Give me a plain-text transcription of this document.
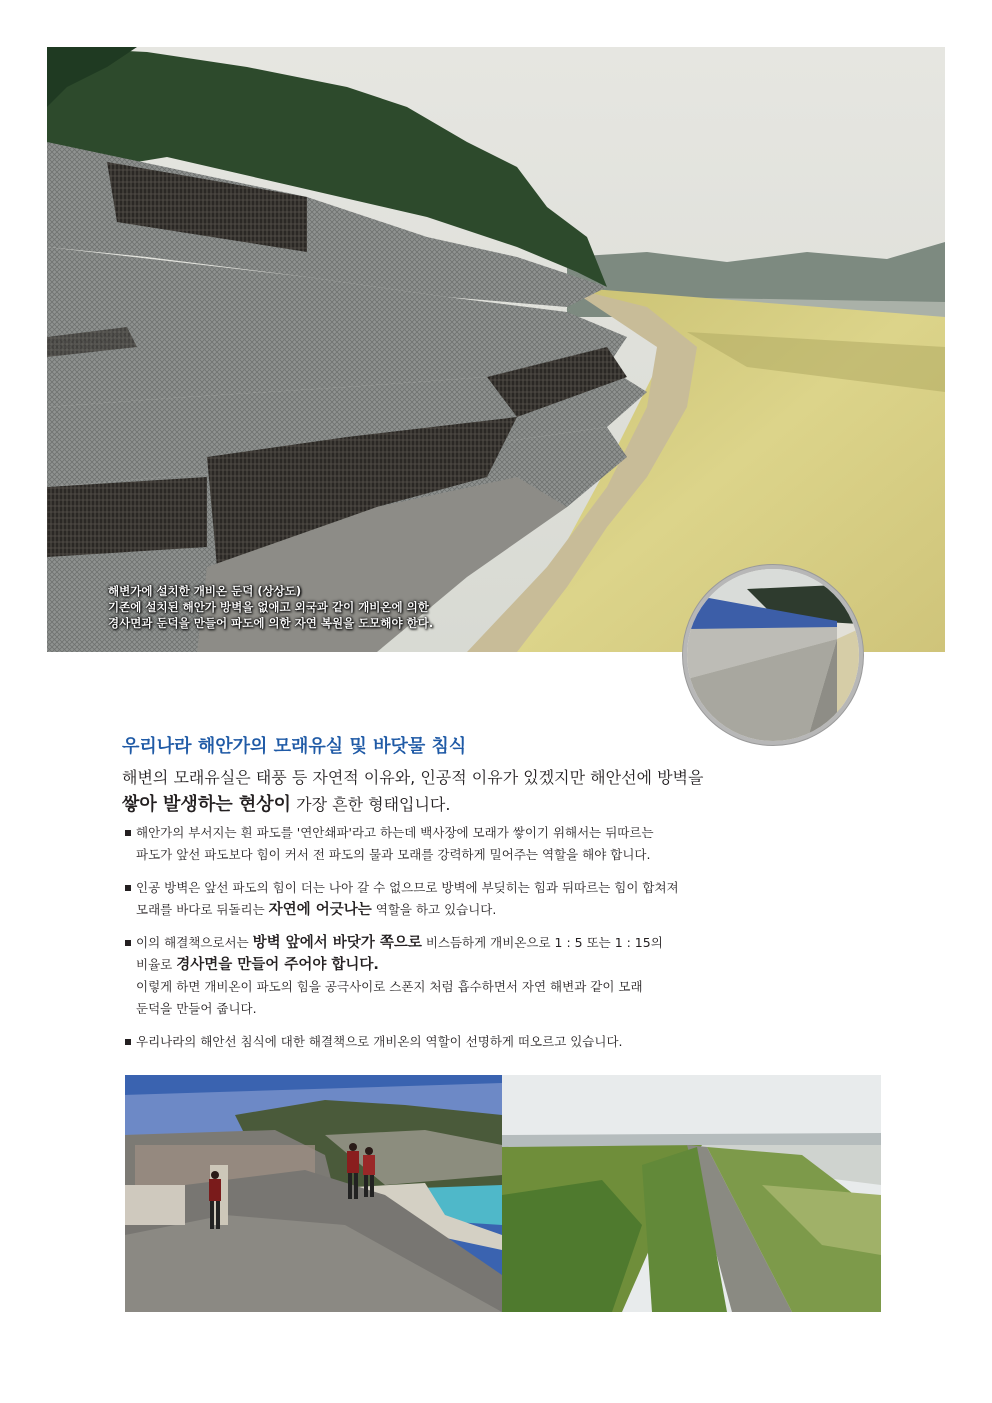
해변가에 설치한 개비온 둔덕 (상상도)
기존에 설치된 해안가 방벽을 없애고 외국과 같이 개비온에 의한
경사면과 둔덕을 만들어 파도에 의한 자연 복원을 도모해야 한다.
우리나라 해안가의 모래유실 및 바닷물 침식
해변의 모래유실은 태풍 등 자연적 이유와, 인공적 이유가 있겠지만 해안선에 방벽을
쌓아 발생하는 현상이 가장 흔한 형태입니다.
해안가의 부서지는 흰 파도를 '연안쇄파'라고 하는데 백사장에 모래가 쌓이기 위해서는 뒤따르는
파도가 앞선 파도보다 힘이 커서 전 파도의 물과 모래를 강력하게 밀어주는 역할을 해야 합니다.
인공 방벽은 앞선 파도의 힘이 더는 나아 갈 수 없으므로 방벽에 부딪히는 힘과 뒤따르는 힘이 합쳐져
모래를 바다로 뒤돌리는 자연에 어긋나는 역할을 하고 있습니다.
이의 해결책으로서는 방벽 앞에서 바닷가 쪽으로 비스듬하게 개비온으로 1 : 5 또는 1 : 15의
비율로 경사면을 만들어 주어야 합니다.
이렇게 하면 개비온이 파도의 힘을 공극사이로 스폰지 처럼 흡수하면서 자연 해변과 같이 모래
둔덕을 만들어 줍니다.
우리나라의 해안선 침식에 대한 해결책으로 개비온의 역할이 선명하게 떠오르고 있습니다.
